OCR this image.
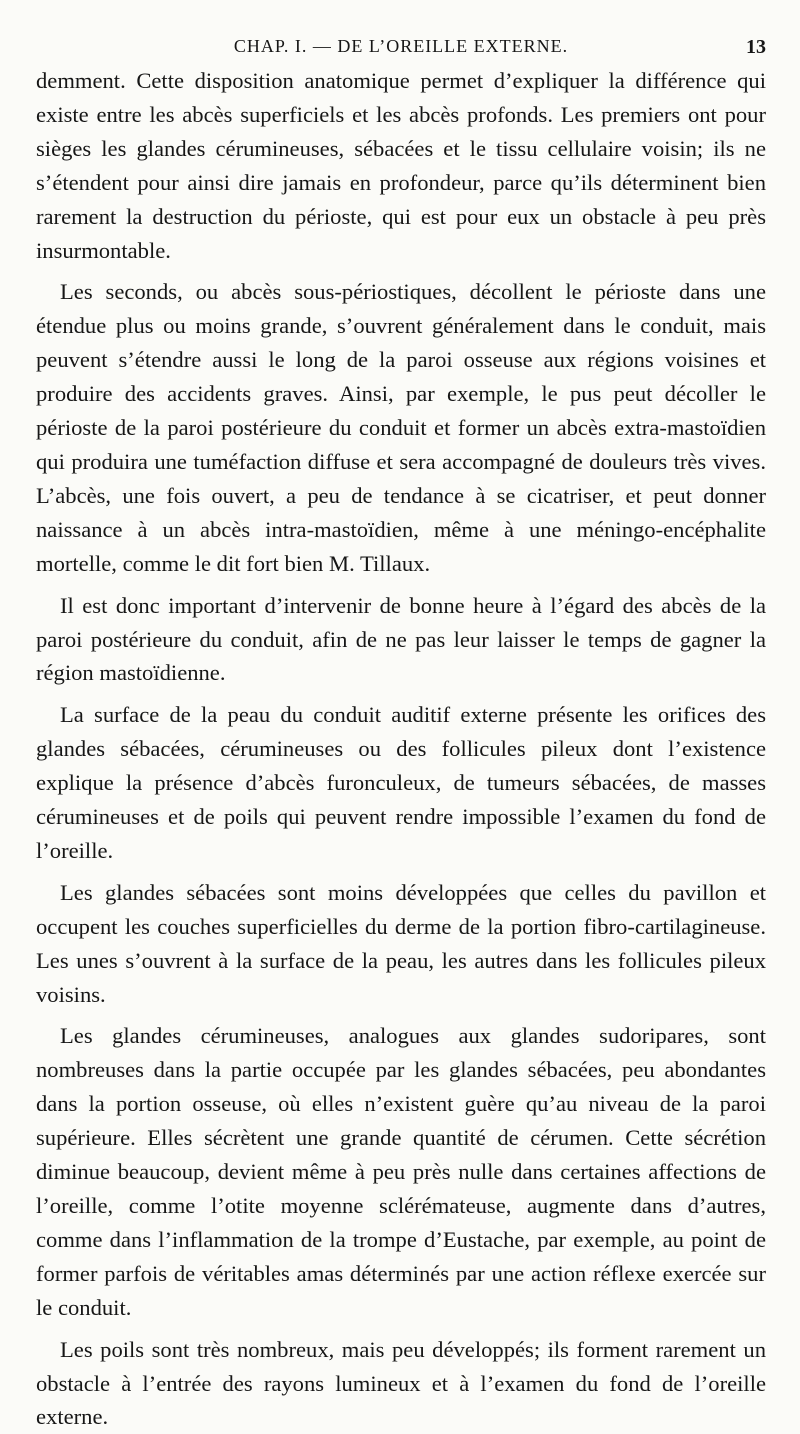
CHAP. I. — DE L’OREILLE EXTERNE.	13

demment. Cette disposition anatomique permet d’expliquer la différence qui existe entre les abcès superficiels et les abcès profonds. Les premiers ont pour sièges les glandes cérumineuses, sébacées et le tissu cellulaire voisin; ils ne s’étendent pour ainsi dire jamais en profondeur, parce qu’ils déterminent bien rarement la destruction du périoste, qui est pour eux un obstacle à peu près insurmontable.

Les seconds, ou abcès sous-périostiques, décollent le périoste dans une étendue plus ou moins grande, s’ouvrent généralement dans le conduit, mais peuvent s’étendre aussi le long de la paroi osseuse aux régions voisines et produire des accidents graves. Ainsi, par exemple, le pus peut décoller le périoste de la paroi postérieure du conduit et former un abcès extra-mastoïdien qui produira une tuméfaction diffuse et sera accompagné de douleurs très vives. L’abcès, une fois ouvert, a peu de tendance à se cicatriser, et peut donner naissance à un abcès intra-mastoïdien, même à une méningo-encéphalite mortelle, comme le dit fort bien M. Tillaux.

Il est donc important d’intervenir de bonne heure à l’égard des abcès de la paroi postérieure du conduit, afin de ne pas leur laisser le temps de gagner la région mastoïdienne.

La surface de la peau du conduit auditif externe présente les orifices des glandes sébacées, cérumineuses ou des follicules pileux dont l’existence explique la présence d’abcès furonculeux, de tumeurs sébacées, de masses cérumineuses et de poils qui peuvent rendre impossible l’examen du fond de l’oreille.

Les glandes sébacées sont moins développées que celles du pavillon et occupent les couches superficielles du derme de la portion fibro-cartilagineuse. Les unes s’ouvrent à la surface de la peau, les autres dans les follicules pileux voisins.

Les glandes cérumineuses, analogues aux glandes sudoripares, sont nombreuses dans la partie occupée par les glandes sébacées, peu abondantes dans la portion osseuse, où elles n’existent guère qu’au niveau de la paroi supérieure. Elles sécrètent une grande quantité de cérumen. Cette sécrétion diminue beaucoup, devient même à peu près nulle dans certaines affections de l’oreille, comme l’otite moyenne sclérémateuse, augmente dans d’autres, comme dans l’inflammation de la trompe d’Eustache, par exemple, au point de former parfois de véritables amas déterminés par une action réflexe exercée sur le conduit.

Les poils sont très nombreux, mais peu développés; ils forment rarement un obstacle à l’entrée des rayons lumineux et à l’examen du fond de l’oreille externe.
